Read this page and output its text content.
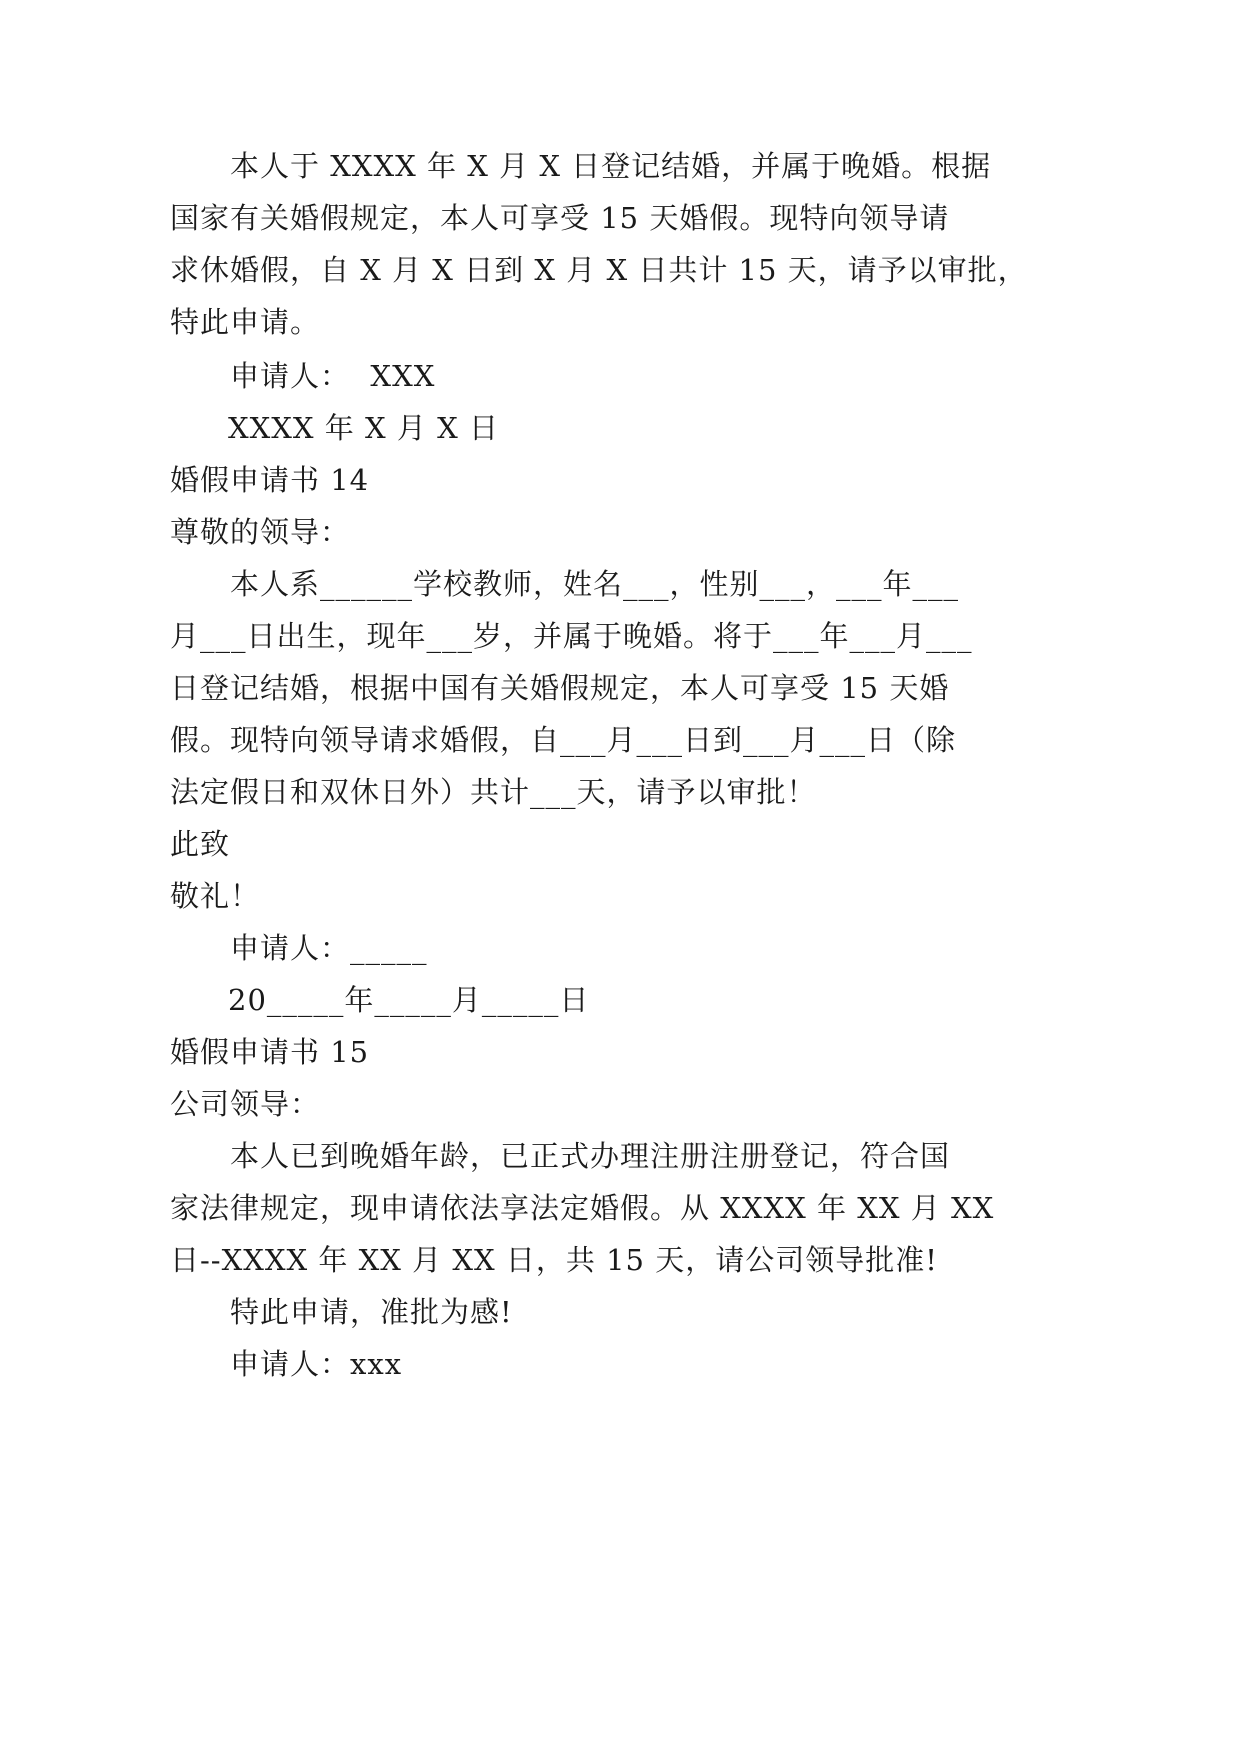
本人于 XXXX 年 X 月 X 日登记结婚，并属于晚婚。根据
国家有关婚假规定，本人可享受 15 天婚假。现特向领导请
求休婚假，自 X 月 X 日到 X 月 X 日共计 15 天，请予以审批，
特此申请。
申请人：  XXX
XXXX 年 X 月 X 日
婚假申请书 14
尊敬的领导：
本人系______学校教师，姓名___，性别___，___年___
月___日出生，现年___岁，并属于晚婚。将于___年___月___
日登记结婚，根据中国有关婚假规定，本人可享受 15 天婚
假。现特向领导请求婚假，自___月___日到___月___日（除
法定假日和双休日外）共计___天，请予以审批！
此致
敬礼！
申请人：_____
20_____年_____月_____日
婚假申请书 15
公司领导：
本人已到晚婚年龄，已正式办理注册注册登记，符合国
家法律规定，现申请依法享法定婚假。从 XXXX 年 XX 月 XX
日--XXXX 年 XX 月 XX 日，共 15 天，请公司领导批准!
特此申请，准批为感!
申请人：xxx
